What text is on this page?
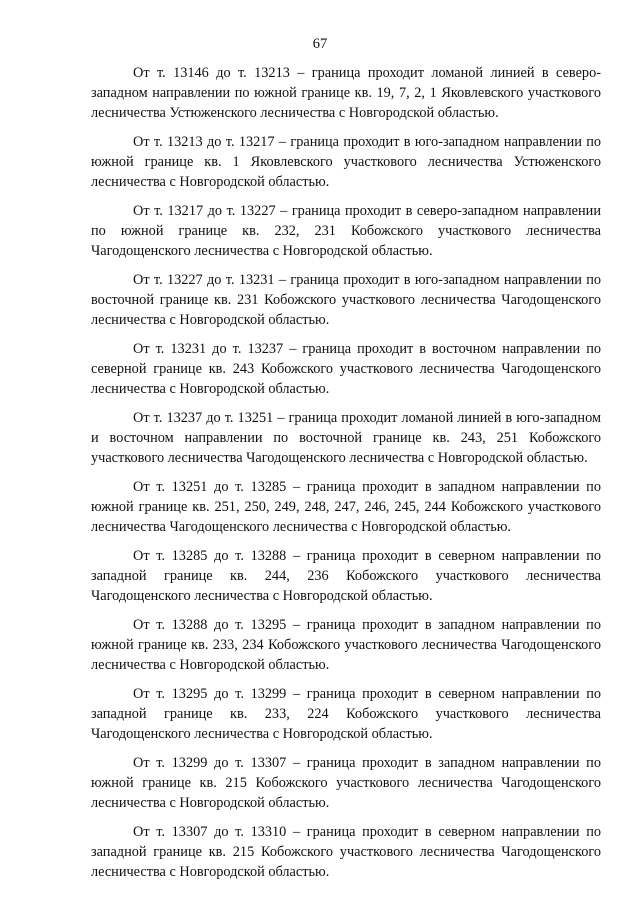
67

От т. 13146 до т. 13213 – граница проходит ломаной линией в северо-западном направлении по южной границе кв. 19, 7, 2, 1 Яковлевского участкового лесничества Устюженского лесничества с Новгородской областью.

От т. 13213 до т. 13217 – граница проходит в юго-западном направлении по южной границе кв. 1 Яковлевского участкового лесничества Устюженского лесничества с Новгородской областью.

От т. 13217 до т. 13227 – граница проходит в северо-западном направлении по южной границе кв. 232, 231 Кобожского участкового лесничества Чагодощенского лесничества с Новгородской областью.

От т. 13227 до т. 13231 – граница проходит в юго-западном направлении по восточной границе кв. 231 Кобожского участкового лесничества Чагодощенского лесничества с Новгородской областью.

От т. 13231 до т. 13237 – граница проходит в восточном направлении по северной границе кв. 243 Кобожского участкового лесничества Чагодощенского лесничества с Новгородской областью.

От т. 13237 до т. 13251 – граница проходит ломаной линией в юго-западном и восточном направлении по восточной границе кв. 243, 251 Кобожского участкового лесничества Чагодощенского лесничества с Новгородской областью.

От т. 13251 до т. 13285 – граница проходит в западном направлении по южной границе кв. 251, 250, 249, 248, 247, 246, 245, 244 Кобожского участкового лесничества Чагодощенского лесничества с Новгородской областью.

От т. 13285 до т. 13288 – граница проходит в северном направлении по западной границе кв. 244, 236 Кобожского участкового лесничества Чагодощенского лесничества с Новгородской областью.

От т. 13288 до т. 13295 – граница проходит в западном направлении по южной границе кв. 233, 234 Кобожского участкового лесничества Чагодощенского лесничества с Новгородской областью.

От т. 13295 до т. 13299 – граница проходит в северном направлении по западной границе кв. 233, 224 Кобожского участкового лесничества Чагодощенского лесничества с Новгородской областью.

От т. 13299 до т. 13307 – граница проходит в западном направлении по южной границе кв. 215 Кобожского участкового лесничества Чагодощенского лесничества с Новгородской областью.

От т. 13307 до т. 13310 – граница проходит в северном направлении по западной границе кв. 215 Кобожского участкового лесничества Чагодощенского лесничества с Новгородской областью.
